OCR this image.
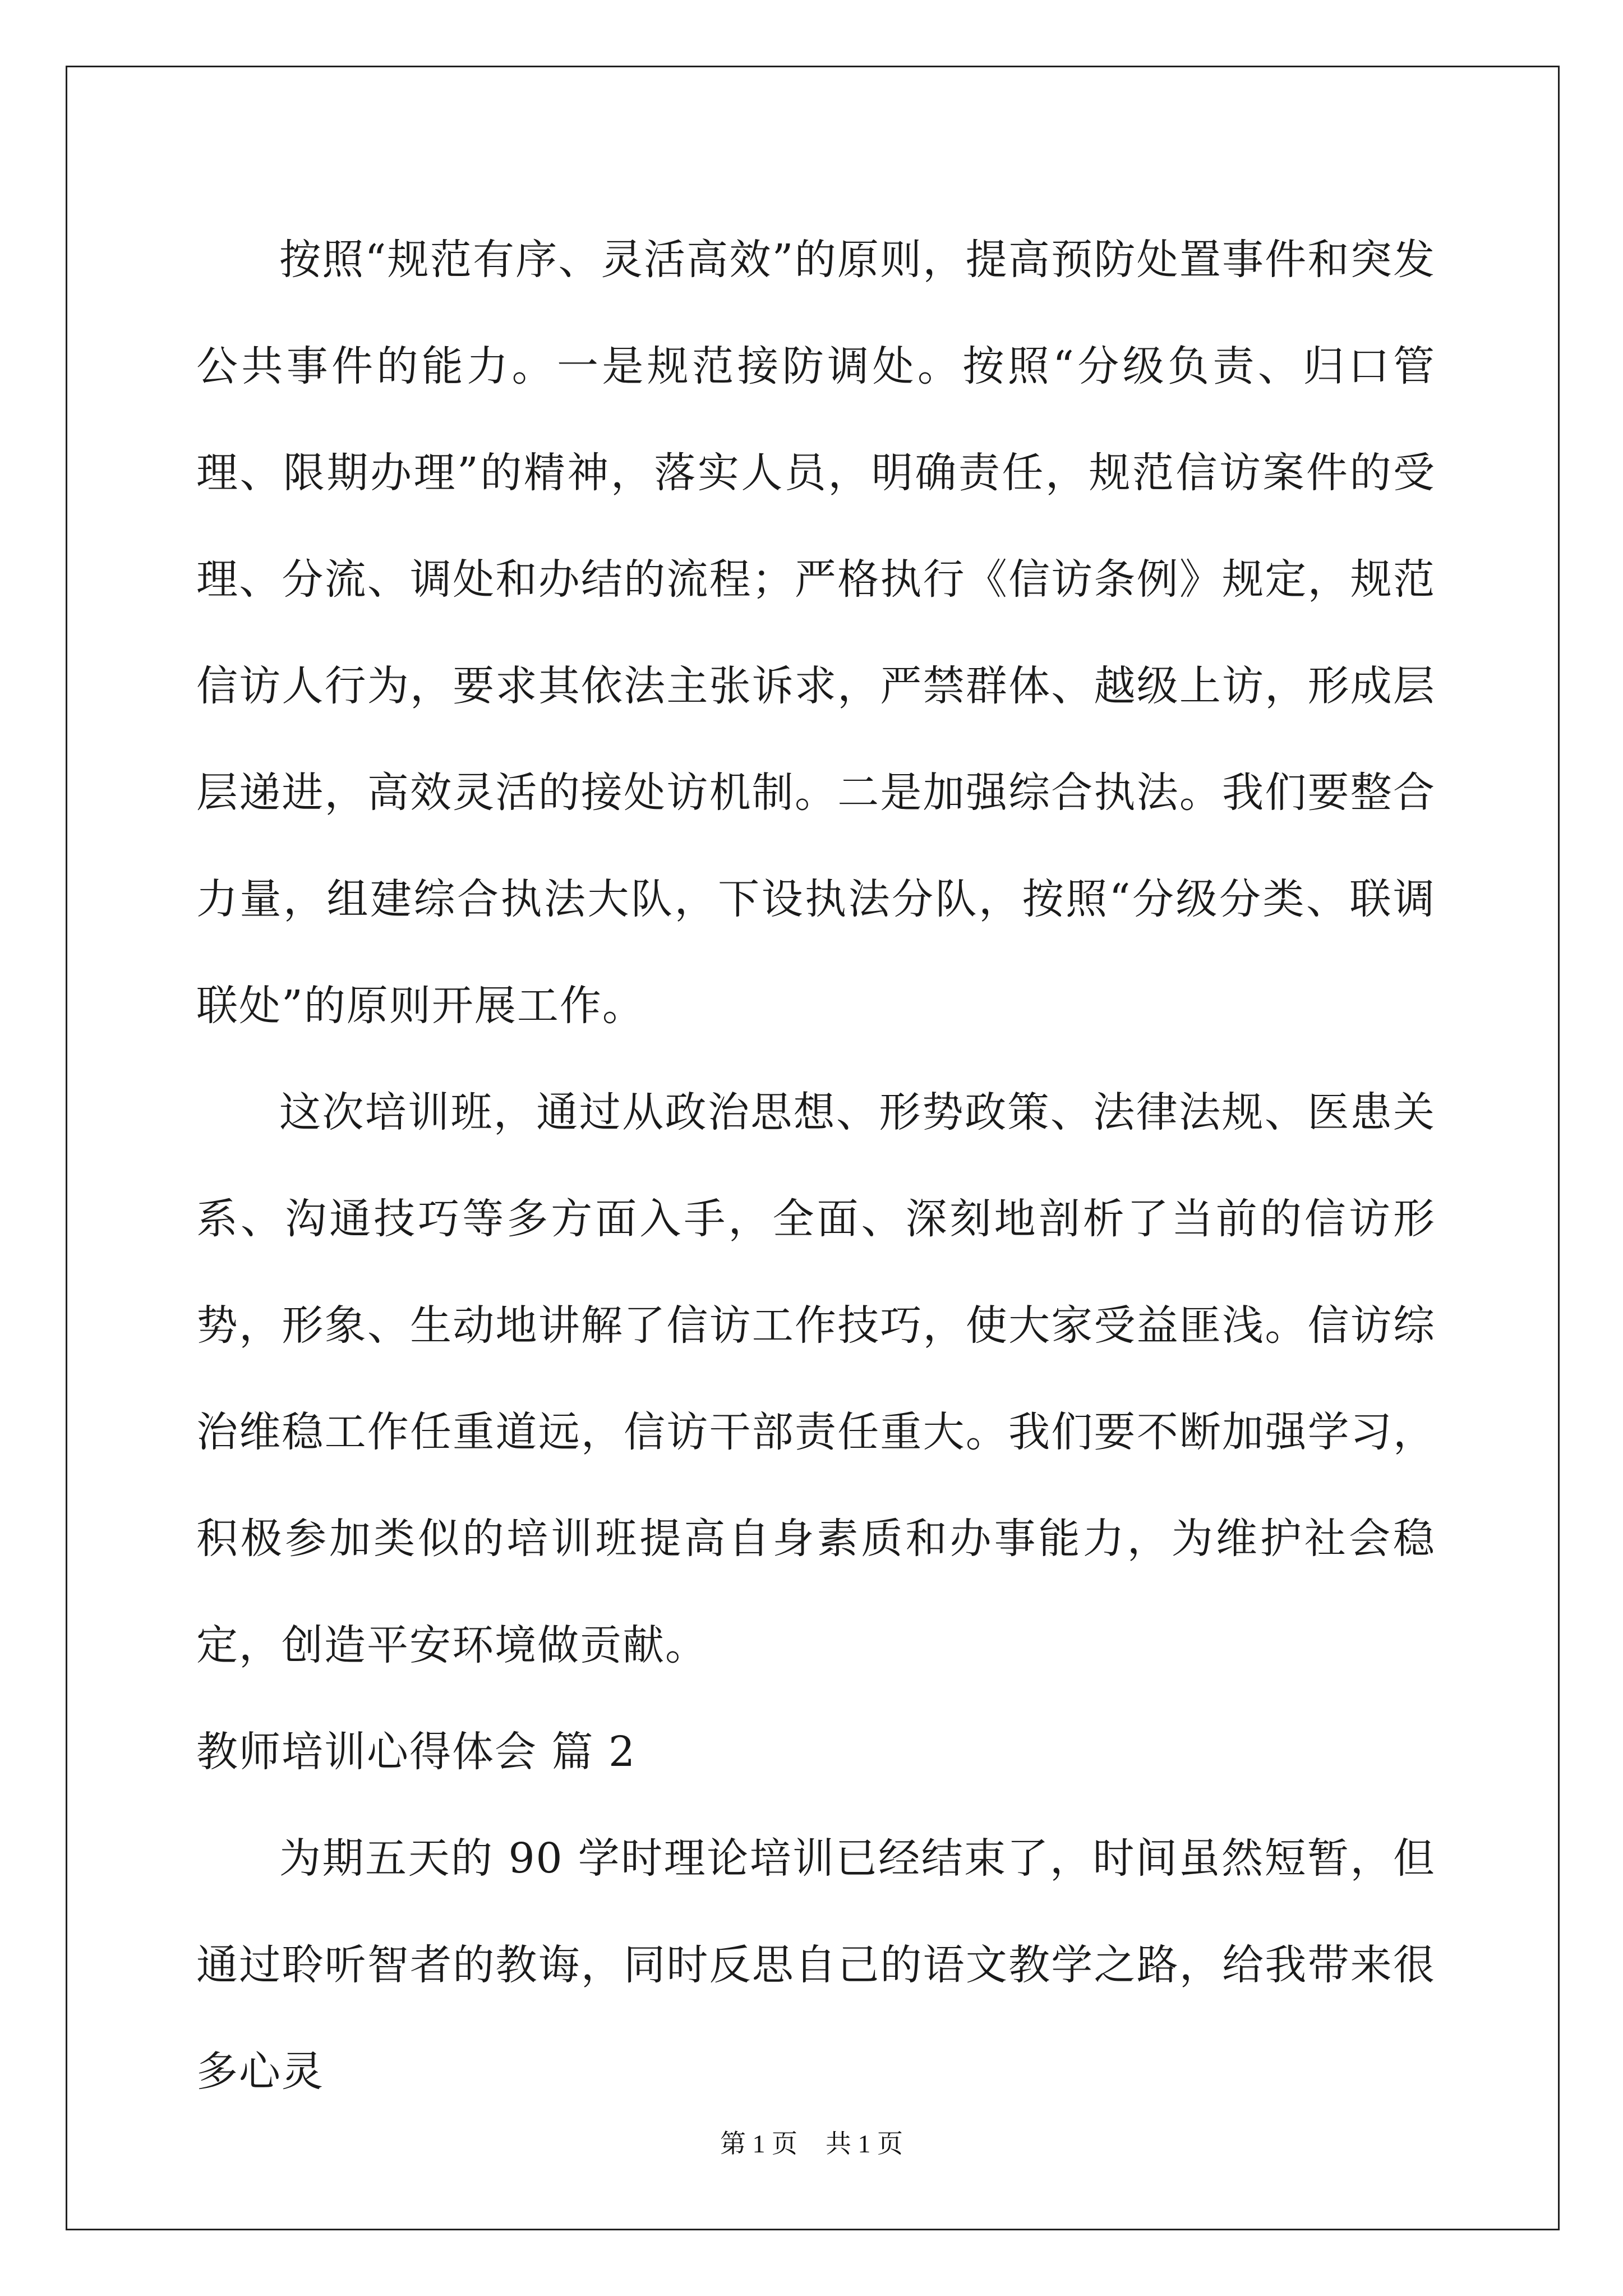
按照“规范有序、灵活高效”的原则，提高预防处置事件和突发公共事件的能力。一是规范接防调处。按照“分级负责、归口管理、限期办理”的精神，落实人员，明确责任，规范信访案件的受理、分流、调处和办结的流程；严格执行《信访条例》规定，规范信访人行为，要求其依法主张诉求，严禁群体、越级上访，形成层层递进，高效灵活的接处访机制。二是加强综合执法。我们要整合力量，组建综合执法大队，下设执法分队，按照“分级分类、联调联处”的原则开展工作。

这次培训班，通过从政治思想、形势政策、法律法规、医患关系、沟通技巧等多方面入手，全面、深刻地剖析了当前的信访形势，形象、生动地讲解了信访工作技巧，使大家受益匪浅。信访综治维稳工作任重道远，信访干部责任重大。我们要不断加强学习，积极参加类似的培训班提高自身素质和办事能力，为维护社会稳定，创造平安环境做贡献。

教师培训心得体会 篇 2

为期五天的 90 学时理论培训已经结束了，时间虽然短暂，但通过聆听智者的教诲，同时反思自己的语文教学之路，给我带来很多心灵

第 1 页 共 1 页
